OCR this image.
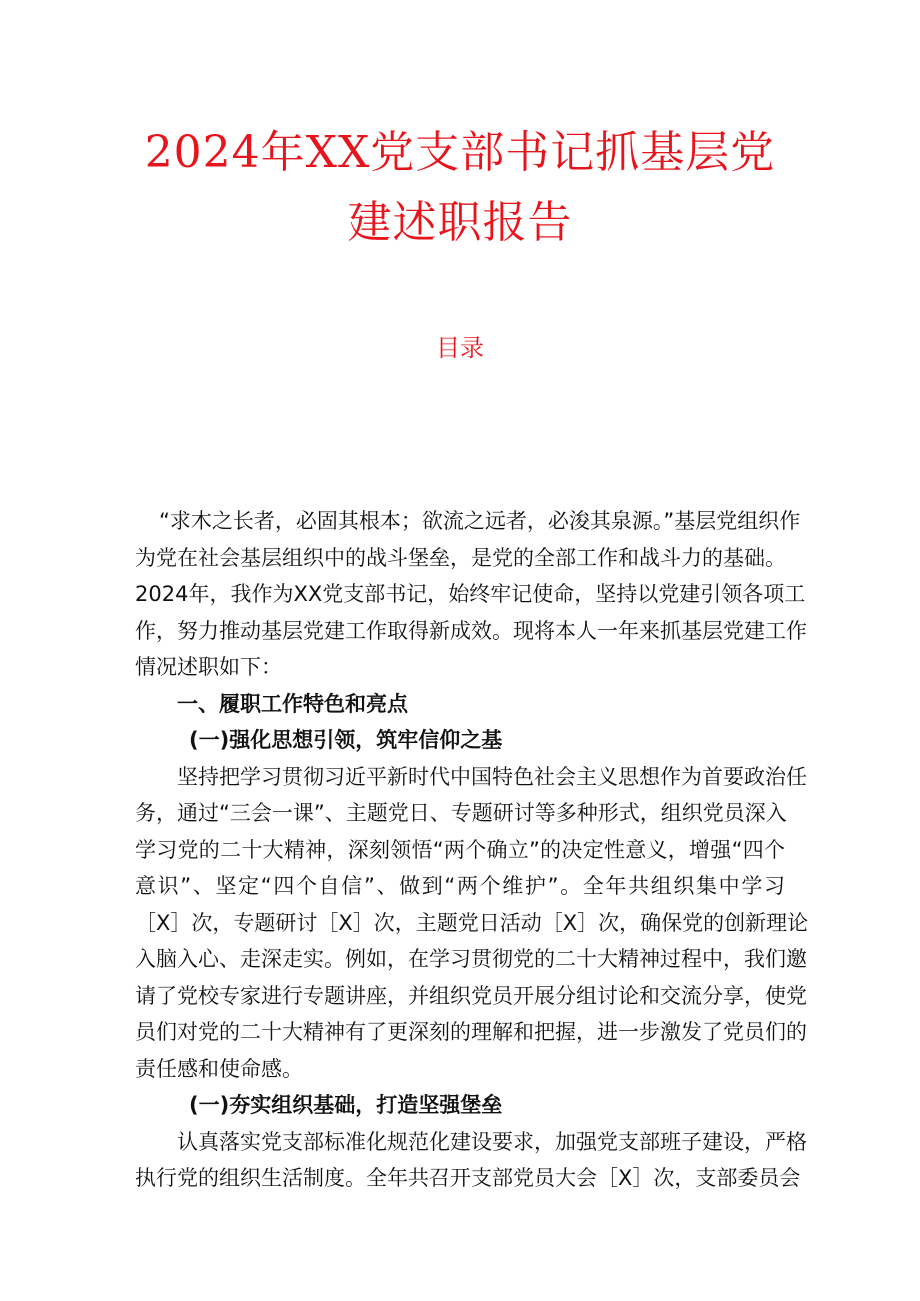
2024年XX党支部书记抓基层党
建述职报告
目录
“求木之长者，必固其根本；欲流之远者，必浚其泉源。”基层党组织作
为党在社会基层组织中的战斗堡垒，是党的全部工作和战斗力的基础。
2024年，我作为XX党支部书记，始终牢记使命，坚持以党建引领各项工
作，努力推动基层党建工作取得新成效。现将本人一年来抓基层党建工作
情况述职如下：
一、履职工作特色和亮点
(一)强化思想引领，筑牢信仰之基
坚持把学习贯彻习近平新时代中国特色社会主义思想作为首要政治任
务，通过“三会一课”、主题党日、专题研讨等多种形式，组织党员深入
学习党的二十大精神，深刻领悟“两个确立”的决定性意义，增强“四个
意识”、坚定“四个自信”、做到“两个维护”。全年共组织集中学习
［X］次，专题研讨［X］次，主题党日活动［X］次，确保党的创新理论
入脑入心、走深走实。例如，在学习贯彻党的二十大精神过程中，我们邀
请了党校专家进行专题讲座，并组织党员开展分组讨论和交流分享，使党
员们对党的二十大精神有了更深刻的理解和把握，进一步激发了党员们的
责任感和使命感。
(一)夯实组织基础，打造坚强堡垒
认真落实党支部标准化规范化建设要求，加强党支部班子建设，严格
执行党的组织生活制度。全年共召开支部党员大会［X］次，支部委员会
